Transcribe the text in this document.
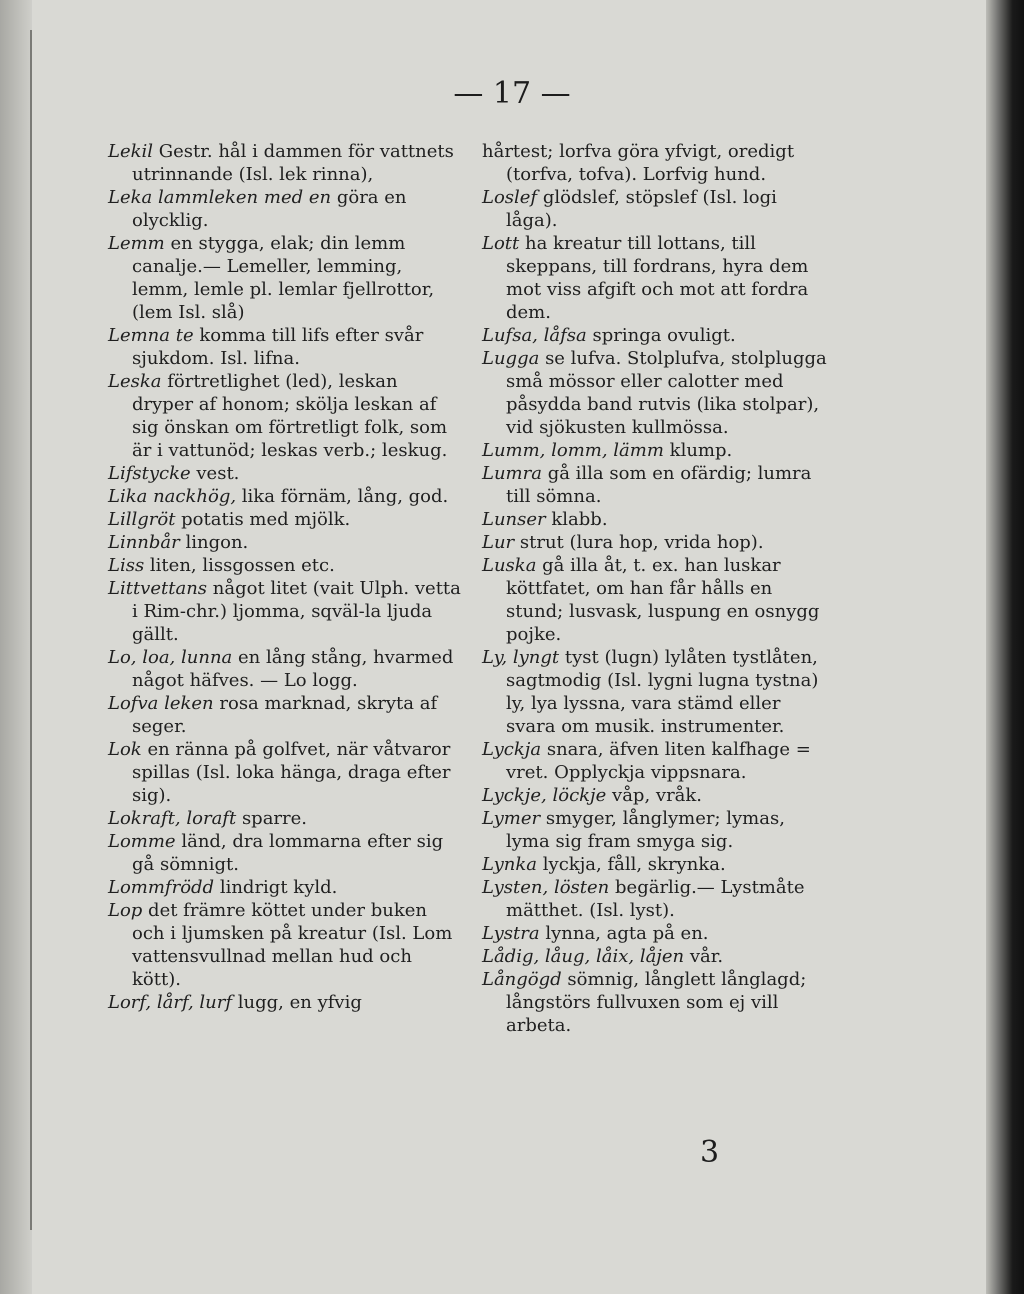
— 17 —
Lekil Gestr. hål i dammen för vattnets utrinnande (Isl. lek rinna),
Leka lammleken med en göra en olycklig.
Lemm en stygga, elak; din lemm canalje.— Lemeller, lemming, lemm, lemle pl. lemlar fjellrottor, (lem Isl. slå)
Lemna te komma till lifs efter svår sjukdom. Isl. lifna.
Leska förtretlighet (led), leskan dryper af honom; skölja leskan af sig önskan om förtretligt folk, som är i vattunöd; leskas verb.; leskug.
Lifstycke vest.
Lika nackhög, lika förnäm, lång, god.
Lillgröt potatis med mjölk.
Linnbår lingon.
Liss liten, lissgossen etc.
Littvettans något litet (vait Ulph. vetta i Rim-chr.) ljomma, sqväl-la ljuda gällt.
Lo, loa, lunna en lång stång, hvarmed något häfves. — Lo logg.
Lofva leken rosa marknad, skryta af seger.
Lok en ränna på golfvet, när våtvaror spillas (Isl. loka hänga, draga efter sig).
Lokraft, loraft sparre.
Lomme länd, dra lommarna efter sig gå sömnigt.
Lommfrödd lindrigt kyld.
Lop det främre köttet under buken och i ljumsken på kreatur (Isl. Lom vattensvullnad mellan hud och kött).
Lorf, lårf, lurf lugg, en yfvig
hårtest; lorfva göra yfvigt, oredigt (torfva, tofva). Lorfvig hund.
Loslef glödslef, stöpslef (Isl. logi låga).
Lott ha kreatur till lottans, till skeppans, till fordrans, hyra dem mot viss afgift och mot att fordra dem.
Lufsa, låfsa springa ovuligt.
Lugga se lufva. Stolplufva, stolplugga små mössor eller calotter med påsydda band rutvis (lika stolpar), vid sjökusten kullmössa.
Lumm, lomm, lämm klump.
Lumra gå illa som en ofärdig; lumra till sömna.
Lunser klabb.
Lur strut (lura hop, vrida hop).
Luska gå illa åt, t. ex. han luskar köttfatet, om han får hålls en stund; lusvask, luspung en osnygg pojke.
Ly, lyngt tyst (lugn) lylåten tystlåten, sagtmodig (Isl. lygni lugna tystna) ly, lya lyssna, vara stämd eller svara om musik. instrumenter.
Lyckja snara, äfven liten kalfhage = vret. Opplyckja vippsnara.
Lyckje, löckje våp, vråk.
Lymer smyger, långlymer; lymas, lyma sig fram smyga sig.
Lynka lyckja, fåll, skrynka.
Lysten, lösten begärlig.— Lystmåte mätthet. (Isl. lyst).
Lystra lynna, agta på en.
Lådig, låug, låix, låjen vår.
Långögd sömnig, långlett långlagd; långstörs fullvuxen som ej vill arbeta.
3
